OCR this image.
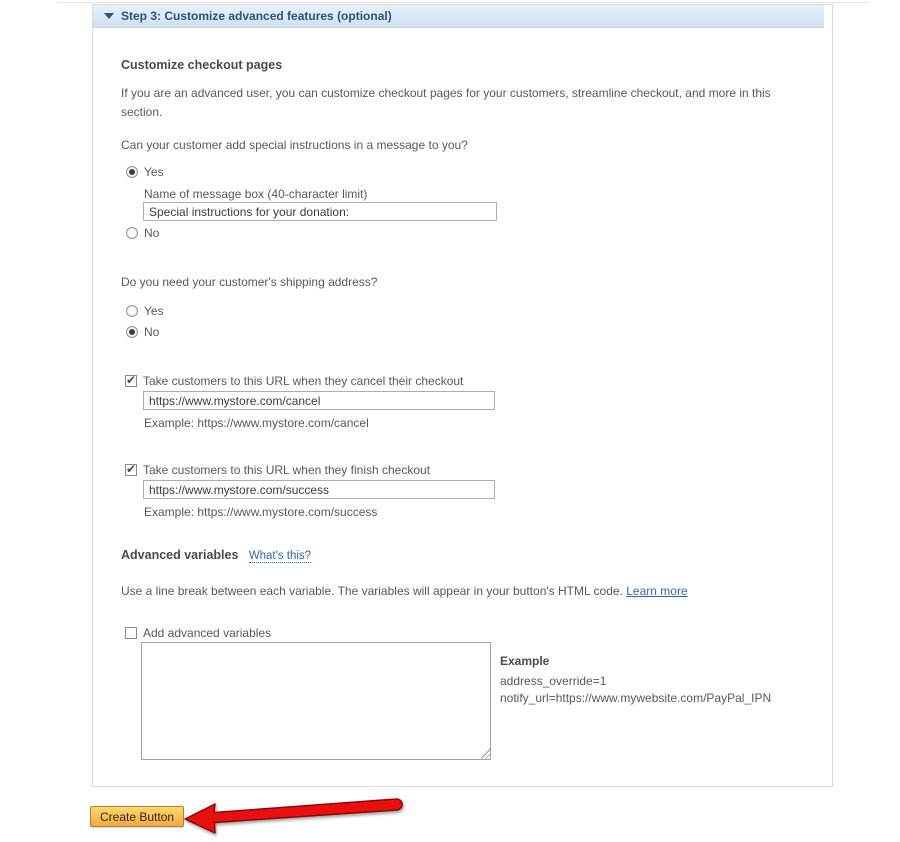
Step 3: Customize advanced features (optional)
Customize checkout pages
If you are an advanced user, you can customize checkout pages for your customers, streamline checkout, and more in this section.
Can your customer add special instructions in a message to you?
Yes
Name of message box (40-character limit)
Special instructions for your donation:
No
Do you need your customer's shipping address?
Yes
No
✔
Take customers to this URL when they cancel their checkout
https://www.mystore.com/cancel
Example: https://www.mystore.com/cancel
✔
Take customers to this URL when they finish checkout
https://www.mystore.com/success
Example: https://www.mystore.com/success
Advanced variables What's this?
Use a line break between each variable. The variables will appear in your button's HTML code. Learn more
Add advanced variables
Example
address_override=1
notify_url=https://www.mywebsite.com/PayPal_IPN
Create Button
